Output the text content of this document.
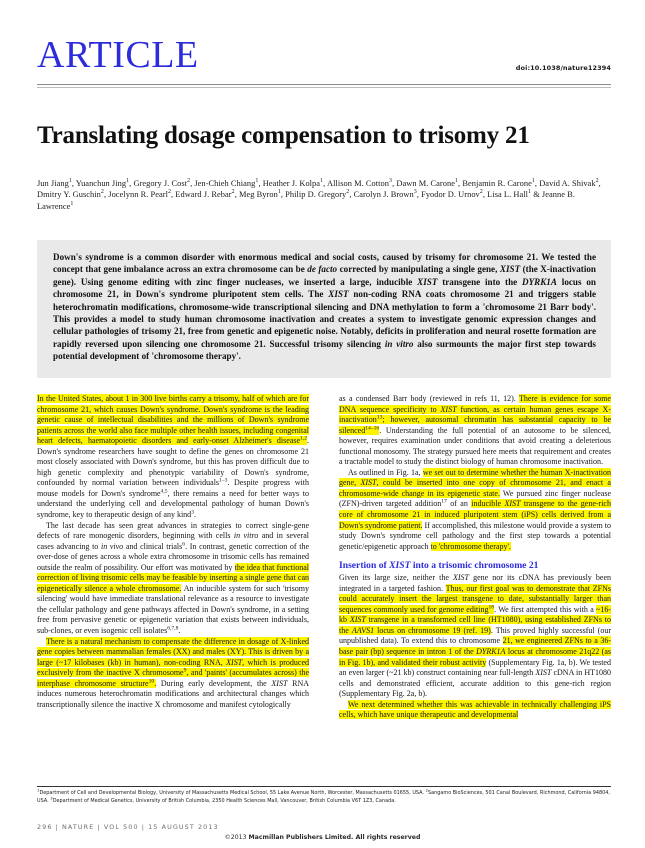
ARTICLE	doi:10.1038/nature12394
Translating dosage compensation to trisomy 21
Jun Jiang$^1$, Yuanchun Jing$^1$, Gregory J. Cost$^2$, Jen-Chieh Chiang$^1$, Heather J. Kolpa$^1$, Allison M. Cotton$^3$, Dawn M. Carone$^1$, Benjamin R. Carone$^1$, David A. Shivak$^2$, Dmitry Y. Guschin$^2$, Jocelynn R. Pearl$^2$, Edward J. Rebar$^2$, Meg Byron$^1$, Philip D. Gregory$^2$, Carolyn J. Brown$^3$, Fyodor D. Urnov$^2$, Lisa L. Hall$^1$ & Jeanne B. Lawrence$^1$

Down's syndrome is a common disorder with enormous medical and social costs, caused by trisomy for chromosome 21. We tested the concept that gene imbalance across an extra chromosome can be de facto corrected by manipulating a single gene, XIST (the X-inactivation gene). Using genome editing with zinc finger nucleases, we inserted a large, inducible XIST transgene into the DYRK1A locus on chromosome 21, in Down's syndrome pluripotent stem cells. The XIST non-coding RNA coats chromosome 21 and triggers stable heterochromatin modifications, chromosome-wide transcriptional silencing and DNA methylation to form a 'chromosome 21 Barr body'. This provides a model to study human chromosome inactivation and creates a system to investigate genomic expression changes and cellular pathologies of trisomy 21, free from genetic and epigenetic noise. Notably, deficits in proliferation and neural rosette formation are rapidly reversed upon silencing one chromosome 21. Successful trisomy silencing in vitro also surmounts the major first step towards potential development of 'chromosome therapy'.

In the United States, about 1 in 300 live births carry a trisomy, half of which are for chromosome 21, which causes Down's syndrome. Down's syndrome is the leading genetic cause of intellectual disabilities and the millions of Down's syndrome patients across the world also face multiple other health issues, including congenital heart defects, haematopoietic disorders and early-onset Alzheimer's disease$^{1,2}$. Down's syndrome researchers have sought to define the genes on chromosome 21 most closely associated with Down's syndrome, but this has proven difficult due to high genetic complexity and phenotypic variability of Down's syndrome, confounded by normal variation between individuals$^{1-3}$. Despite progress with mouse models for Down's syndrome$^{4,5}$, there remains a need for better ways to understand the underlying cell and developmental pathology of human Down's syndrome, key to therapeutic design of any kind$^3$.

The last decade has seen great advances in strategies to correct single-gene defects of rare monogenic disorders, beginning with cells in vitro and in several cases advancing to in vivo and clinical trials$^6$. In contrast, genetic correction of the over-dose of genes across a whole extra chromosome in trisomic cells has remained outside the realm of possibility. Our effort was motivated by the idea that functional correction of living trisomic cells may be feasible by inserting a single gene that can epigenetically silence a whole chromosome. An inducible system for such 'trisomy silencing' would have immediate translational relevance as a resource to investigate the cellular pathology and gene pathways affected in Down's syndrome, in a setting free from pervasive genetic or epigenetic variation that exists between individuals, sub-clones, or even isogenic cell isolates$^{6,7,8}$.

There is a natural mechanism to compensate the difference in dosage of X-linked gene copies between mammalian females (XX) and males (XY). This is driven by a large (~17 kilobases (kb) in human), non-coding RNA, XIST, which is produced exclusively from the inactive X chromosome$^9$, and 'paints' (accumulates across) the interphase chromosome structure$^{10}$. During early development, the XIST RNA induces numerous heterochromatin modifications and architectural changes which transcriptionally silence the inactive X chromosome and manifest cytologically

as a condensed Barr body (reviewed in refs 11, 12). There is evidence for some DNA sequence specificity to XIST function, as certain human genes escape X-inactivation$^{13}$; however, autosomal chromatin has substantial capacity to be silenced$^{14-16}$. Understanding the full potential of an autosome to be silenced, however, requires examination under conditions that avoid creating a deleterious functional monosomy. The strategy pursued here meets that requirement and creates a tractable model to study the distinct biology of human chromosome inactivation.

As outlined in Fig. 1a, we set out to determine whether the human X-inactivation gene, XIST, could be inserted into one copy of chromosome 21, and enact a chromosome-wide change in its epigenetic state. We pursued zinc finger nuclease (ZFN)-driven targeted addition$^{17}$ of an inducible XIST transgene to the gene-rich core of chromosome 21 in induced pluripotent stem (iPS) cells derived from a Down's syndrome patient. If accomplished, this milestone would provide a system to study Down's syndrome cell pathology and the first step towards a potential genetic/epigenetic approach to 'chromosome therapy'.

Insertion of XIST into a trisomic chromosome 21

Given its large size, neither the XIST gene nor its cDNA has previously been integrated in a targeted fashion. Thus, our first goal was to demonstrate that ZFNs could accurately insert the largest transgene to date, substantially larger than sequences commonly used for genome editing$^{18}$. We first attempted this with a ~16-kb XIST transgene in a transformed cell line (HT1080), using established ZFNs to the AAVS1 locus on chromosome 19 (ref. 19). This proved highly successful (our unpublished data). To extend this to chromosome 21, we engineered ZFNs to a 36-base pair (bp) sequence in intron 1 of the DYRK1A locus at chromosome 21q22 (as in Fig. 1b), and validated their robust activity (Supplementary Fig. 1a, b). We tested an even larger (~21 kb) construct containing near full-length XIST cDNA in HT1080 cells and demonstrated efficient, accurate addition to this gene-rich region (Supplementary Fig. 2a, b).

We next determined whether this was achievable in technically challenging iPS cells, which have unique therapeutic and developmental

$^1$Department of Cell and Developmental Biology, University of Massachusetts Medical School, 55 Lake Avenue North, Worcester, Massachusetts 01655, USA. $^2$Sangamo BioSciences, 501 Canal Boulevard, Richmond, California 94804, USA. $^3$Department of Medical Genetics, University of British Columbia, 2350 Health Sciences Mall, Vancouver, British Columbia V6T 1Z3, Canada.
296 | NATURE | VOL 500 | 15 AUGUST 2013
©2013 Macmillan Publishers Limited. All rights reserved
